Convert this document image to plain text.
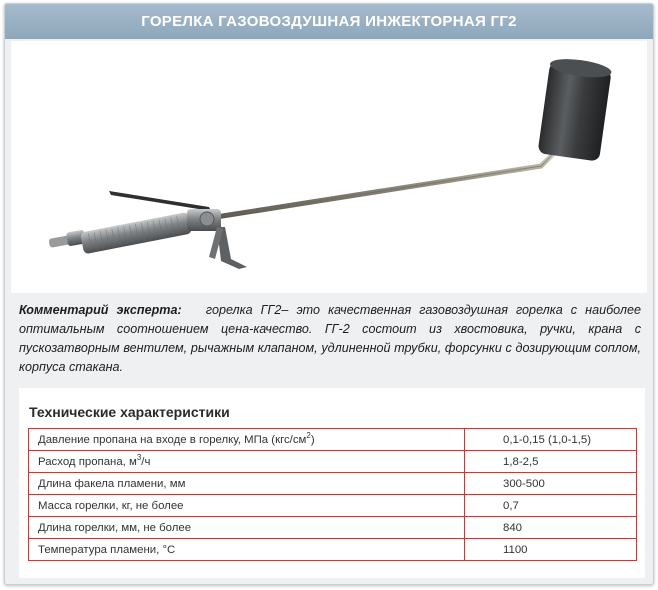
ГОРЕЛКА ГАЗОВОЗДУШНАЯ ИНЖЕКТОРНАЯ ГГ2
Комментарий эксперта: горелка ГГ2– это качественная газовоздушная горелка с наиболее оптимальным соотношением цена-качество. ГГ-2 состоит из хвостовика, ручки, крана с пускозатворным вентилем, рычажным клапаном, удлиненной трубки, форсунки с дозирующим соплом, корпуса стакана.
Технические характеристики
Давление пропана на входе в горелку, МПа $(кгс/см^2)$	0,1-0,15 (1,0-1,5)
Расход пропана, $м^3/ч$	1,8-2,5
Длина факела пламени, мм	300-500
Масса горелки, кг, не более	0,7
Длина горелки, мм, не более	840
Температура пламени, °С	1100
